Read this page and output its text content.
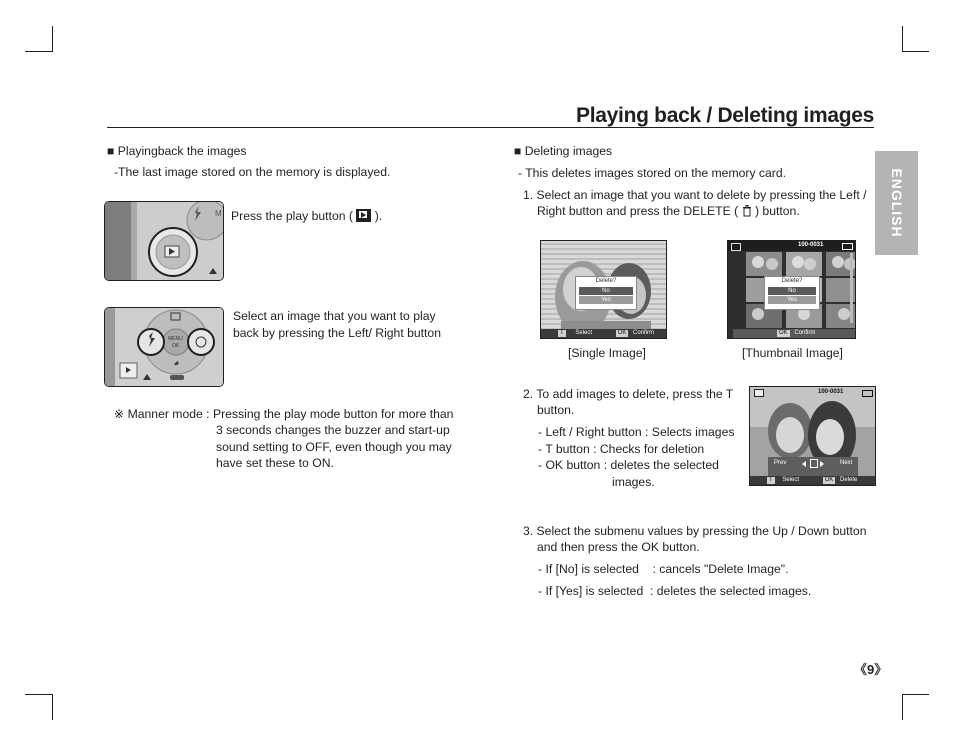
Playing back / Deleting images
ENGLISH
■ Playingback the images
-The last image stored on the memory is displayed.
M Press the play button ( ).
MENU
OK
Select an image that you want to play
back by pressing the Left/ Right button
※ Manner mode : Pressing the play mode button for more than
3 seconds changes the buzzer and start-up
sound setting to OFF, even though you may
have set these to ON.
■ Deleting images
- This deletes images stored on the memory card.
1. Select an image that you want to delete by pressing the Left /
Right button and press the DELETE ( ) button.
Delete?
No
Yes
T Select	OK Confirm
[Single Image]
100-0031
Delete?
No
Yes
OK Confirm
[Thumbnail Image]
2. To add images to delete, press the T
button.
- Left / Right button : Selects images
- T button : Checks for deletion
- OK button : deletes the selected
images.
100-0031
Prev	Next
T Select	OK Delete
3. Select the submenu values by pressing the Up / Down button
and then press the OK button.
- If [No] is selected    : cancels "Delete Image".
- If [Yes] is selected  : deletes the selected images.
《9》
